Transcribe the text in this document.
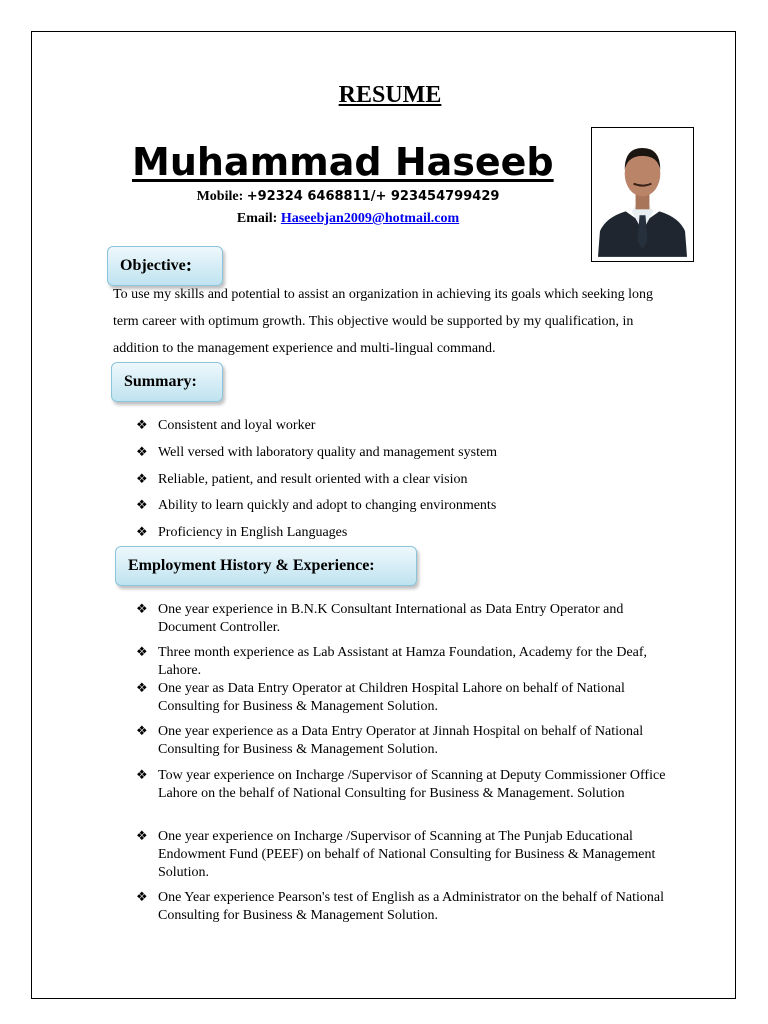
RESUME
Muhammad Haseeb
Mobile: +92324 6468811/+ 923454799429
Email: Haseebjan2009@hotmail.com
Objective :
To use my skills and potential to assist an organization in achieving its goals which seeking long term career with optimum growth. This objective would be supported by my qualification, in addition to the management experience and multi-lingual command.
Summary:
❖ Consistent and loyal worker
❖ Well versed with laboratory quality and management system
❖ Reliable, patient, and result oriented with a clear vision
❖ Ability to learn quickly and adopt to changing environments
❖ Proficiency in English Languages
Employment History & Experience:
❖ One year experience in B.N.K Consultant International as Data Entry Operator and Document Controller.
❖ Three month experience as Lab Assistant at Hamza Foundation, Academy for the Deaf, Lahore.
❖ One year as Data Entry Operator at Children Hospital Lahore on behalf of National Consulting for Business & Management Solution.
❖ One year experience as a Data Entry Operator at Jinnah Hospital on behalf of National Consulting for Business & Management Solution.
❖ Tow year experience on Incharge /Supervisor of Scanning at Deputy Commissioner Office Lahore on the behalf of National Consulting for Business & Management. Solution
❖ One year experience on Incharge /Supervisor of Scanning at The Punjab Educational Endowment Fund (PEEF) on behalf of National Consulting for Business & Management Solution.
❖ One Year experience Pearson's test of English as a Administrator on the behalf of National Consulting for Business & Management Solution.
